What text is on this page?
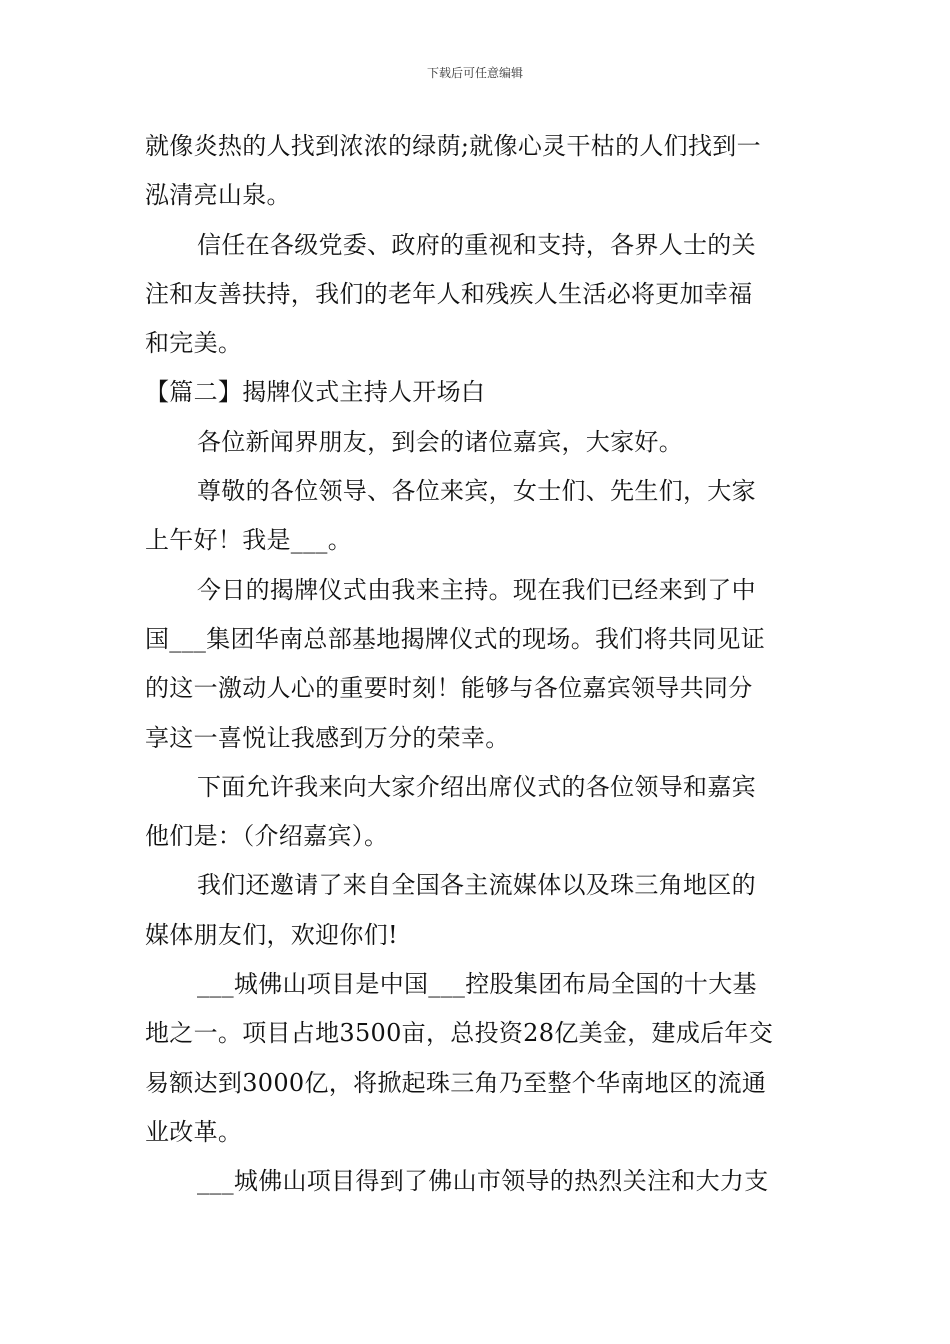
下载后可任意编辑
就像炎热的人找到浓浓的绿荫;就像心灵干枯的人们找到一
泓清亮山泉。
信任在各级党委、政府的重视和支持，各界人士的关
注和友善扶持，我们的老年人和残疾人生活必将更加幸福
和完美。
【篇二】揭牌仪式主持人开场白
各位新闻界朋友，到会的诸位嘉宾，大家好。
尊敬的各位领导、各位来宾，女士们、先生们，大家
上午好！我是___。
今日的揭牌仪式由我来主持。现在我们已经来到了中
国___集团华南总部基地揭牌仪式的现场。我们将共同见证
的这一激动人心的重要时刻！能够与各位嘉宾领导共同分
享这一喜悦让我感到万分的荣幸。
下面允许我来向大家介绍出席仪式的各位领导和嘉宾
他们是：（介绍嘉宾）。
我们还邀请了来自全国各主流媒体以及珠三角地区的
媒体朋友们，欢迎你们!
___城佛山项目是中国___控股集团布局全国的十大基
地之一。项目占地3500亩，总投资28亿美金，建成后年交
易额达到3000亿，将掀起珠三角乃至整个华南地区的流通
业改革。
___城佛山项目得到了佛山市领导的热烈关注和大力支
